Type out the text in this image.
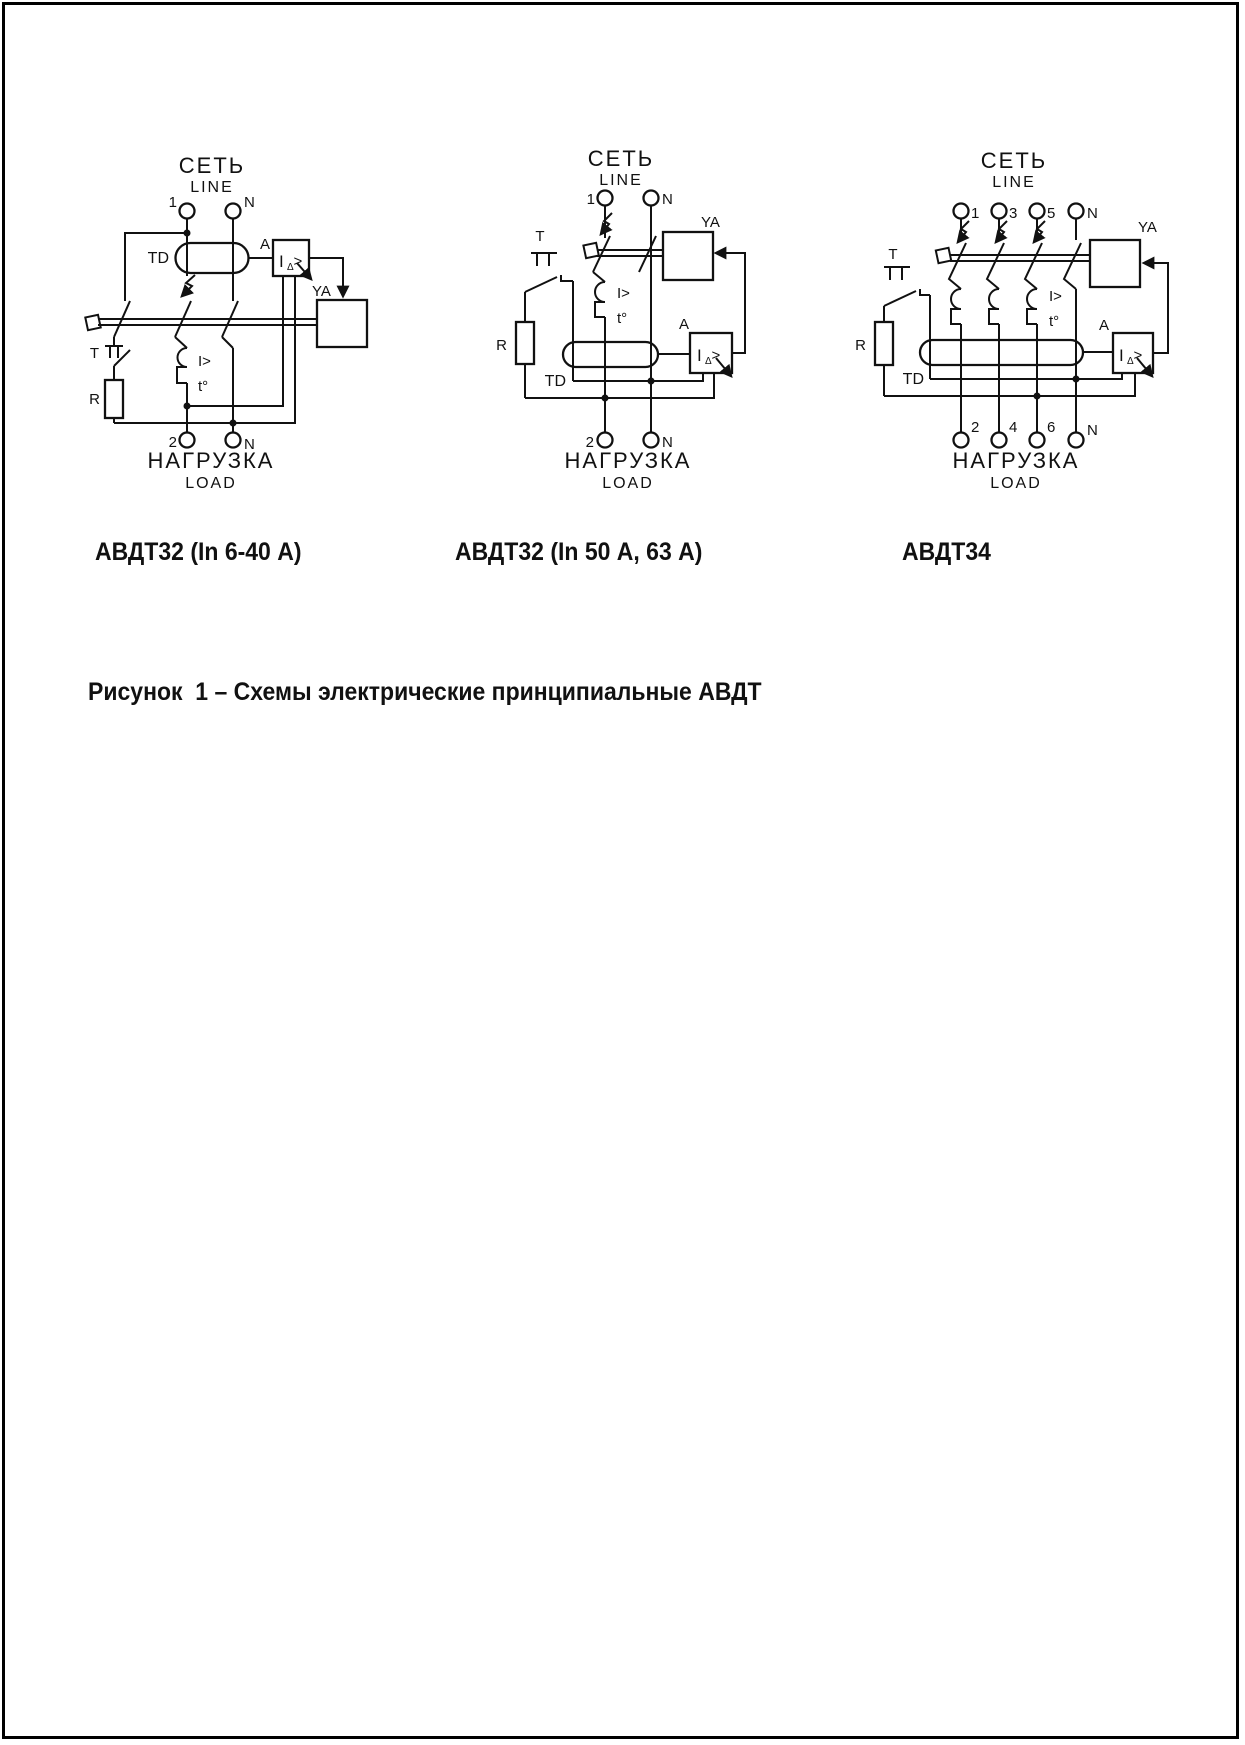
СЕТЬ
LINE
1	N
TD
A
I Δ >
YA
T
R
I>
t°
2	N
НАГРУЗКА
LOAD
СЕТЬ
LINE
1	N
YA
T
R
I>
t°
TD
A
I Δ >
2	N
НАГРУЗКА
LOAD
СЕТЬ
LINE
1 3 5 N
YA
I>
t°
T
R
TD
A
I Δ >
2 4 6 N
НАГРУЗКА
LOAD
АВДТ32 (In 6-40 А)	АВДТ32 (In 50 А, 63 А)	АВДТ34
Рисунок  1 – Схемы электрические принципиальные АВДТ
